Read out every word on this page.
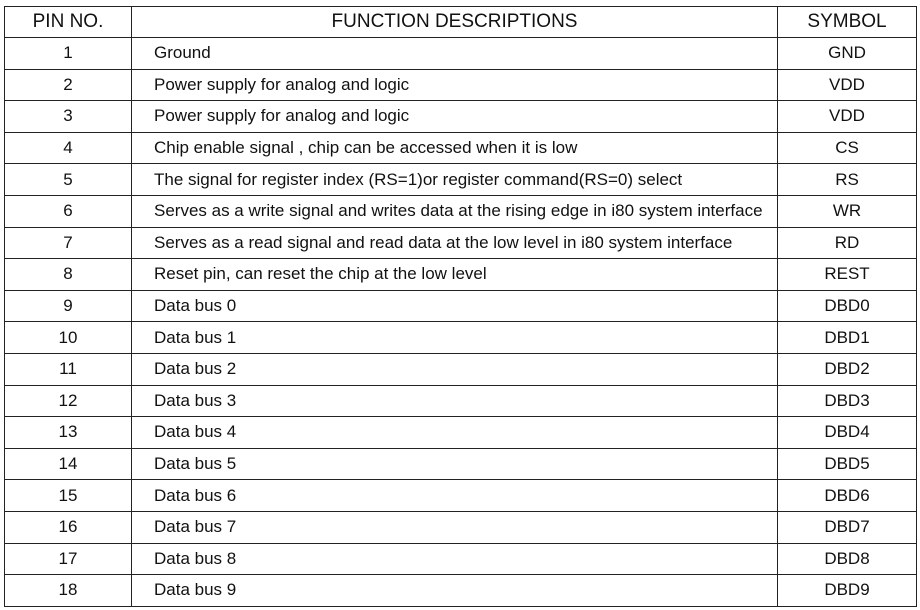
PIN NO.	FUNCTION DESCRIPTIONS	SYMBOL
1	Ground	GND
2	Power supply for analog and logic	VDD
3	Power supply for analog and logic	VDD
4	Chip enable signal , chip can be accessed when it is low	CS
5	The signal for register index (RS=1)or register command(RS=0) select	RS
6	Serves as a write signal and writes data at the rising edge in i80 system interface	WR
7	Serves as a read signal and read data at the low level in i80 system interface	RD
8	Reset pin, can reset the chip at the low level	REST
9	Data bus 0	DBD0
10	Data bus 1	DBD1
11	Data bus 2	DBD2
12	Data bus 3	DBD3
13	Data bus 4	DBD4
14	Data bus 5	DBD5
15	Data bus 6	DBD6
16	Data bus 7	DBD7
17	Data bus 8	DBD8
18	Data bus 9	DBD9
